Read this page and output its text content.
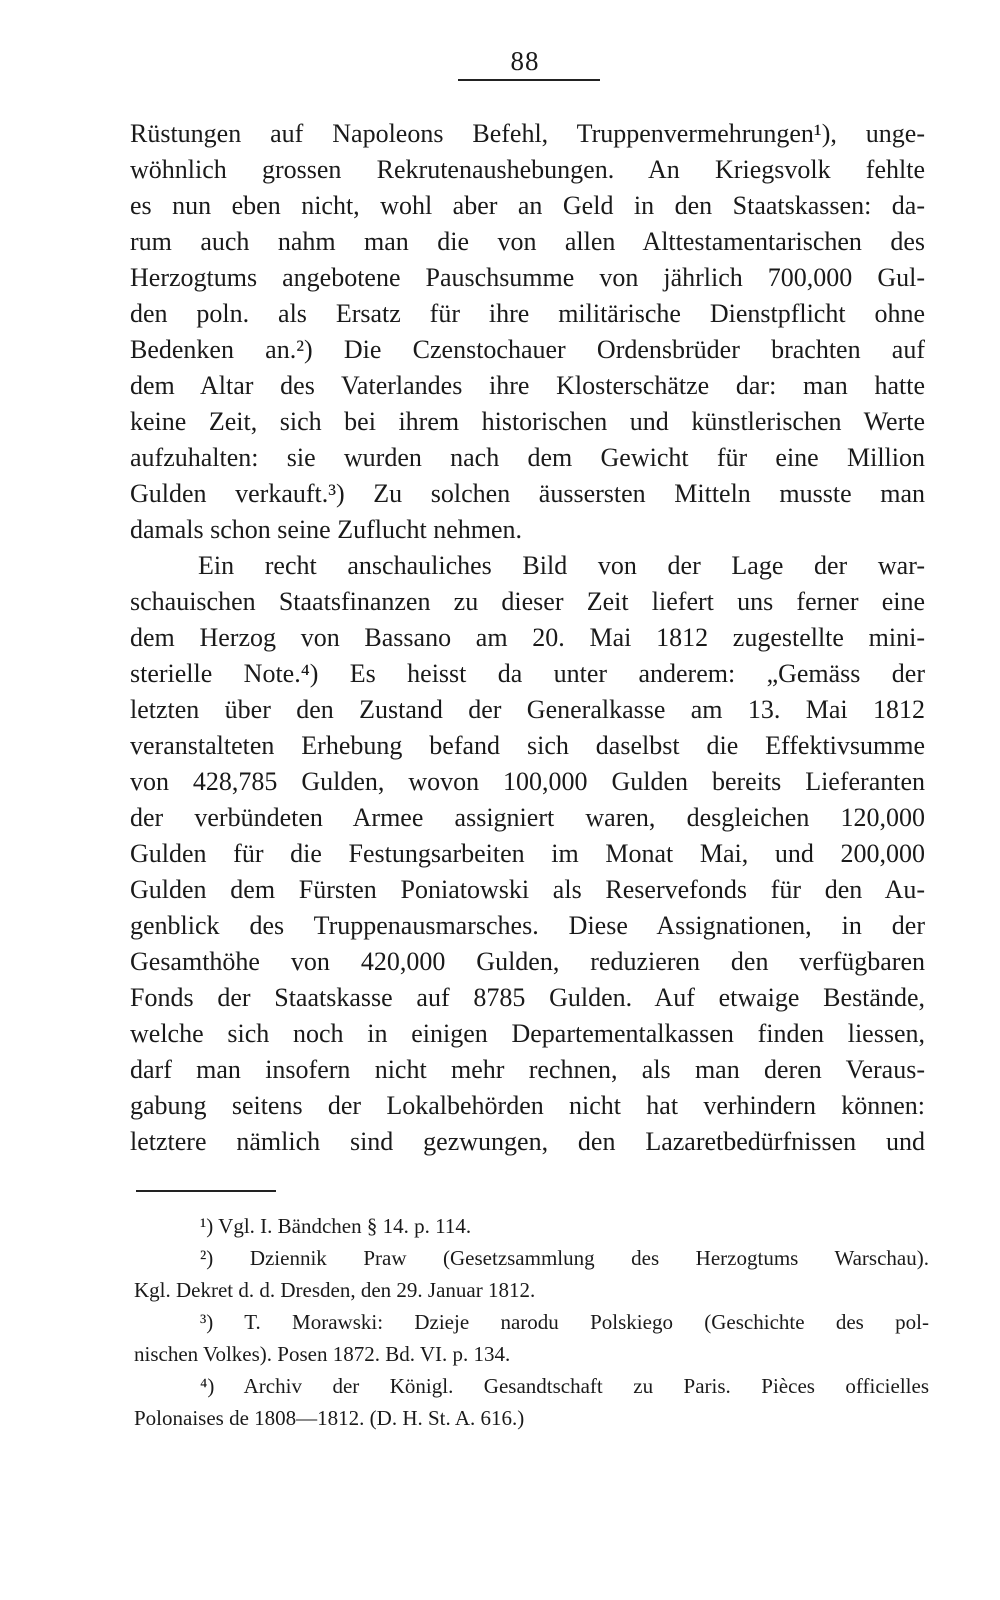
88
Rüstungen auf Napoleons Befehl, Truppenvermehrungen¹), unge-
wöhnlich grossen Rekrutenaushebungen. An Kriegsvolk fehlte
es nun eben nicht, wohl aber an Geld in den Staatskassen: da-
rum auch nahm man die von allen Alttestamentarischen des
Herzogtums angebotene Pauschsumme von jährlich 700,000 Gul-
den poln. als Ersatz für ihre militärische Dienstpflicht ohne
Bedenken an.²) Die Czenstochauer Ordensbrüder brachten auf
dem Altar des Vaterlandes ihre Klosterschätze dar: man hatte
keine Zeit, sich bei ihrem historischen und künstlerischen Werte
aufzuhalten: sie wurden nach dem Gewicht für eine Million
Gulden verkauft.³) Zu solchen äussersten Mitteln musste man
damals schon seine Zuflucht nehmen.
Ein recht anschauliches Bild von der Lage der war-
schauischen Staatsfinanzen zu dieser Zeit liefert uns ferner eine
dem Herzog von Bassano am 20. Mai 1812 zugestellte mini-
sterielle Note.⁴) Es heisst da unter anderem: „Gemäss der
letzten über den Zustand der Generalkasse am 13. Mai 1812
veranstalteten Erhebung befand sich daselbst die Effektivsumme
von 428,785 Gulden, wovon 100,000 Gulden bereits Lieferanten
der verbündeten Armee assigniert waren, desgleichen 120,000
Gulden für die Festungsarbeiten im Monat Mai, und 200,000
Gulden dem Fürsten Poniatowski als Reservefonds für den Au-
genblick des Truppenausmarsches. Diese Assignationen, in der
Gesamthöhe von 420,000 Gulden, reduzieren den verfügbaren
Fonds der Staatskasse auf 8785 Gulden. Auf etwaige Bestände,
welche sich noch in einigen Departementalkassen finden liessen,
darf man insofern nicht mehr rechnen, als man deren Veraus-
gabung seitens der Lokalbehörden nicht hat verhindern können:
letztere nämlich sind gezwungen, den Lazaretbedürfnissen und
¹) Vgl. I. Bändchen § 14. p. 114.
²) Dziennik Praw (Gesetzsammlung des Herzogtums Warschau).
Kgl. Dekret d. d. Dresden, den 29. Januar 1812.
³) T. Morawski: Dzieje narodu Polskiego (Geschichte des pol-
nischen Volkes). Posen 1872. Bd. VI. p. 134.
⁴) Archiv der Königl. Gesandtschaft zu Paris. Pièces officielles
Polonaises de 1808—1812. (D. H. St. A. 616.)
